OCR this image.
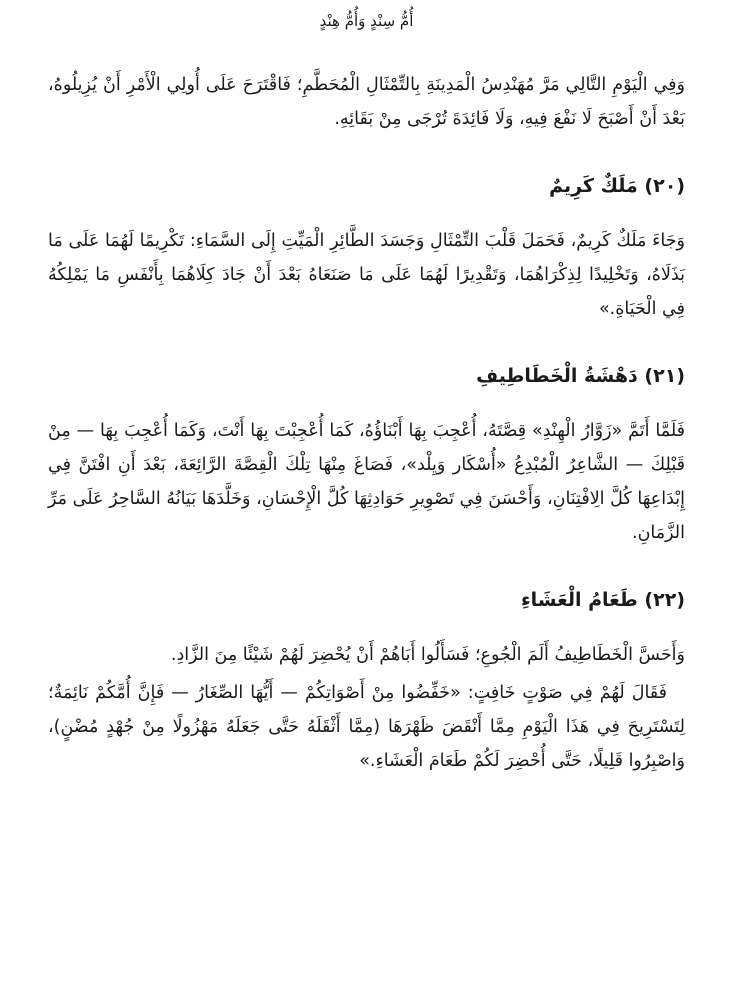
أُمُّ سِنْدٍ وَأُمُّ هِنْدٍ

وَفِي الْيَوْمِ التَّالِي مَرَّ مُهَنْدِسُ الْمَدِينَةِ بِالتِّمْثَالِ الْمُحَطَّمِ؛ فَاقْتَرَحَ عَلَى أُولِي الْأَمْرِ أَنْ يُزِيلُوهُ، بَعْدَ أَنْ أَصْبَحَ لَا نَفْعَ فِيهِ، وَلَا فَائِدَةَ تُرْجَى مِنْ بَقَائِهِ.

(٢٠) مَلَكٌ كَرِيمٌ

وَجَاءَ مَلَكٌ كَرِيمٌ، فَحَمَلَ قَلْبَ التِّمْثَالِ وَجَسَدَ الطَّائِرِ الْمَيِّتِ إِلَى السَّمَاءِ: تَكْرِيمًا لَهُمَا عَلَى مَا بَذَلَاهُ، وَتَخْلِيدًا لِذِكْرَاهُمَا، وَتَقْدِيرًا لَهُمَا عَلَى مَا صَنَعَاهُ بَعْدَ أَنْ جَادَ كِلَاهُمَا بِأَنْفَسِ مَا يَمْلِكُهُ فِي الْحَيَاةِ.»

(٢١) دَهْشَةُ الْخَطَاطِيفِ

فَلَمَّا أَتَمَّ «زَوَّارُ الْهِنْدِ» قِصَّتَهُ، أُعْجِبَ بِهَا أَبْنَاؤُهُ، كَمَا أُعْجِبْتَ بِهَا أَنْتَ، وَكَمَا أُعْجِبَ بِهَا — مِنْ قَبْلِكَ — الشَّاعِرُ الْمُبْدِعُ «أُسْكَار وَيِلْد»، فَصَاغَ مِنْهَا تِلْكَ الْقِصَّةَ الرَّائِعَةَ، بَعْدَ أَنِ افْتَنَّ فِي إِبْدَاعِهَا كُلَّ الِافْتِنَانِ، وَأَحْسَنَ فِي تَصْوِيرِ حَوَادِثِهَا كُلَّ الْإِحْسَانِ، وَخَلَّدَهَا بَيَانُهُ السَّاحِرُ عَلَى مَرِّ الزَّمَانِ.

(٢٢) طَعَامُ الْعَشَاءِ

وَأَحَسَّ الْخَطَاطِيفُ أَلَمَ الْجُوعِ؛ فَسَأَلُوا أَبَاهُمْ أَنْ يُحْضِرَ لَهُمْ شَيْئًا مِنَ الزَّادِ.

فَقَالَ لَهُمْ فِي صَوْتٍ خَافِتٍ: «خَفِّضُوا مِنْ أَصْوَاتِكُمْ — أَيُّهَا الصِّغَارُ — فَإِنَّ أُمَّكُمْ نَائِمَةٌ؛ لِتَسْتَرِيحَ فِي هَذَا الْيَوْمِ مِمَّا أَنْقَضَ ظَهْرَهَا (مِمَّا أَثْقَلَهُ حَتَّى جَعَلَهُ مَهْزُولًا مِنْ جُهْدٍ مُضْنٍ)، وَاصْبِرُوا قَلِيلًا، حَتَّى أُحْضِرَ لَكُمْ طَعَامَ الْعَشَاءِ.»
